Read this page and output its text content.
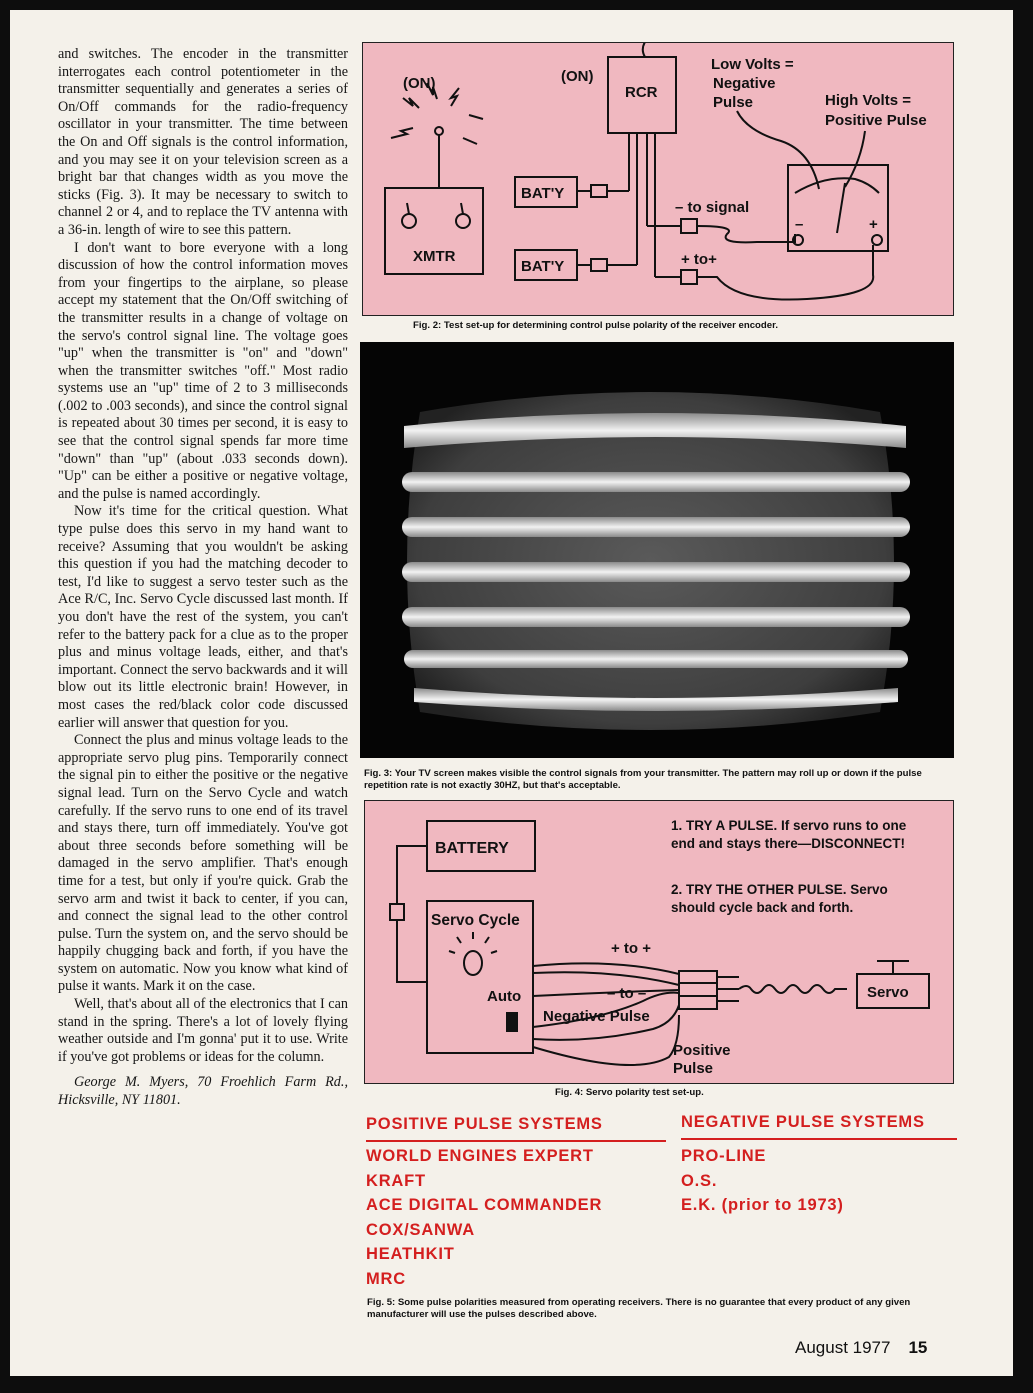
and switches. The encoder in the transmitter interrogates each control potentiometer in the transmitter sequentially and generates a series of On/Off commands for the radio-frequency oscillator in your transmitter. The time between the On and Off signals is the control information, and you may see it on your television screen as a bright bar that changes width as you move the sticks (Fig. 3). It may be necessary to switch to channel 2 or 4, and to replace the TV antenna with a 36-in. length of wire to see this pattern.

I don't want to bore everyone with a long discussion of how the control information moves from your fingertips to the airplane, so please accept my statement that the On/Off switching of the transmitter results in a change of voltage on the servo's control signal line. The voltage goes "up" when the transmitter is "on" and "down" when the transmitter switches "off." Most radio systems use an "up" time of 2 to 3 milliseconds (.002 to .003 seconds), and since the control signal is repeated about 30 times per second, it is easy to see that the control signal spends far more time "down" than "up" (about .033 seconds down). "Up" can be either a positive or negative voltage, and the pulse is named accordingly.

Now it's time for the critical question. What type pulse does this servo in my hand want to receive? Assuming that you wouldn't be asking this question if you had the matching decoder to test, I'd like to suggest a servo tester such as the Ace R/C, Inc. Servo Cycle discussed last month. If you don't have the rest of the system, you can't refer to the battery pack for a clue as to the proper plus and minus voltage leads, either, and that's important. Connect the servo backwards and it will blow out its little electronic brain! However, in most cases the red/black color code discussed earlier will answer that question for you.

Connect the plus and minus voltage leads to the appropriate servo plug pins. Temporarily connect the signal pin to either the positive or the negative signal lead. Turn on the Servo Cycle and watch carefully. If the servo runs to one end of its travel and stays there, turn off immediately. You've got about three seconds before something will be damaged in the servo amplifier. That's enough time for a test, but only if you're quick. Grab the servo arm and twist it back to center, if you can, and connect the signal lead to the other control pulse. Turn the system on, and the servo should be happily chugging back and forth, if you have the system on automatic. Now you know what kind of pulse it wants. Mark it on the case.

Well, that's about all of the electronics that I can stand in the spring. There's a lot of lovely flying weather outside and I'm gonna' put it to use. Write if you've got problems or ideas for the column.

George M. Myers, 70 Froehlich Farm Rd., Hicksville, NY 11801.

(ON)	(ON)
RCR
XMTR
BAT'Y
BAT'Y
– to signal
+ to+
Low Volts =
Negative
Pulse	High Volts =
Positive Pulse
–	+
Fig. 2: Test set-up for determining control pulse polarity of the receiver encoder.
Fig. 3: Your TV screen makes visible the control signals from your transmitter. The pattern may roll up or down if the pulse repetition rate is not exactly 30HZ, but that's acceptable.
BATTERY
Servo Cycle
Auto
+ to +
– to –
Negative Pulse
Positive
Pulse
Servo
1. TRY A PULSE. If servo runs to one end and stays there—DISCONNECT!
2. TRY THE OTHER PULSE. Servo should cycle back and forth.
Fig. 4: Servo polarity test set-up.
POSITIVE PULSE SYSTEMS

WORLD ENGINES EXPERT

KRAFT

ACE DIGITAL COMMANDER

COX/SANWA

HEATHKIT

MRC

NEGATIVE PULSE SYSTEMS

PRO-LINE

O.S.

E.K. (prior to 1973)

Fig. 5: Some pulse polarities measured from operating receivers. There is no guarantee that every product of any given manufacturer will use the pulses described above.
August 1977 15
